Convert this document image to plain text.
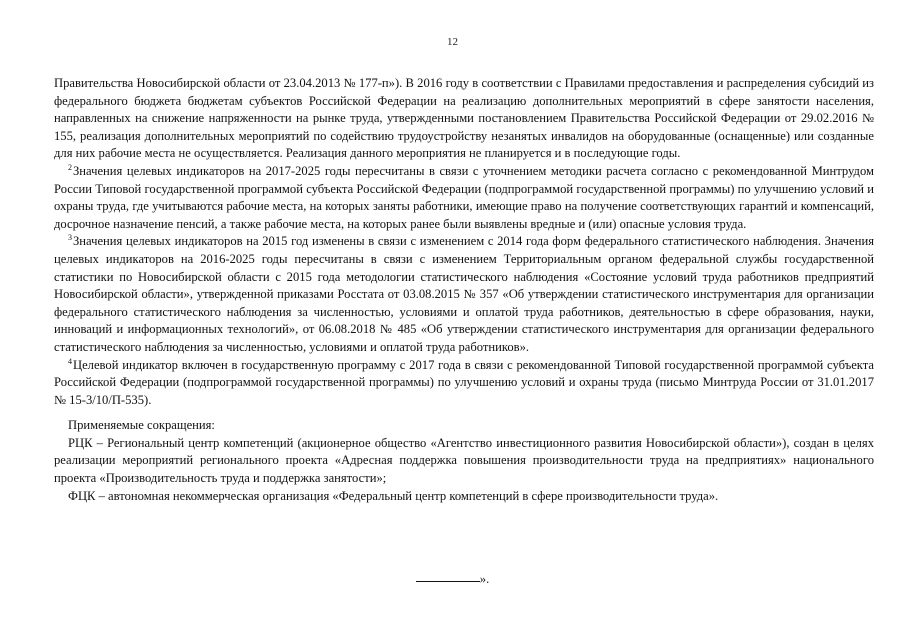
12

Правительства Новосибирской области от 23.04.2013 № 177-п»). В 2016 году в соответствии с Правилами предоставления и распределения субсидий из федерального бюджета бюджетам субъектов Российской Федерации на реализацию дополнительных мероприятий в сфере занятости населения, направленных на снижение напряженности на рынке труда, утвержденными постановлением Правительства Российской Федерации от 29.02.2016 № 155, реализация дополнительных мероприятий по содействию трудоустройству незанятых инвалидов на оборудованные (оснащенные) или созданные для них рабочие места не осуществляется. Реализация данного мероприятия не планируется и в последующие годы.

$^2$Значения целевых индикаторов на 2017-2025 годы пересчитаны в связи с уточнением методики расчета согласно с рекомендованной Минтрудом России Типовой государственной программой субъекта Российской Федерации (подпрограммой государственной программы) по улучшению условий и охраны труда, где учитываются рабочие места, на которых заняты работники, имеющие право на получение соответствующих гарантий и компенсаций, досрочное назначение пенсий, а также рабочие места, на которых ранее были выявлены вредные и (или) опасные условия труда.

$^3$Значения целевых индикаторов на 2015 год изменены в связи с изменением с 2014 года форм федерального статистического наблюдения. Значения целевых индикаторов на 2016-2025 годы пересчитаны в связи с изменением Территориальным органом федеральной службы государственной статистики по Новосибирской области с 2015 года методологии статистического наблюдения «Состояние условий труда работников предприятий Новосибирской области», утвержденной приказами Росстата от 03.08.2015 № 357 «Об утверждении статистического инструментария для организации федерального статистического наблюдения за численностью, условиями и оплатой труда работников, деятельностью в сфере образования, науки, инноваций и информационных технологий», от 06.08.2018 № 485 «Об утверждении статистического инструментария для организации федерального статистического наблюдения за численностью, условиями и оплатой труда работников».

$^4$Целевой индикатор включен в государственную программу с 2017 года в связи с рекомендованной Типовой государственной программой субъекта Российской Федерации (подпрограммой государственной программы) по улучшению условий и охраны труда (письмо Минтруда России от 31.01.2017 № 15-3/10/П-535).

Применяемые сокращения:

РЦК – Региональный центр компетенций (акционерное общество «Агентство инвестиционного развития Новосибирской области»), создан в целях реализации мероприятий регионального проекта «Адресная поддержка повышения производительности труда на предприятиях» национального проекта «Производительность труда и поддержка занятости»;

ФЦК – автономная некоммерческая организация «Федеральный центр компетенций в сфере производительности труда».

».
